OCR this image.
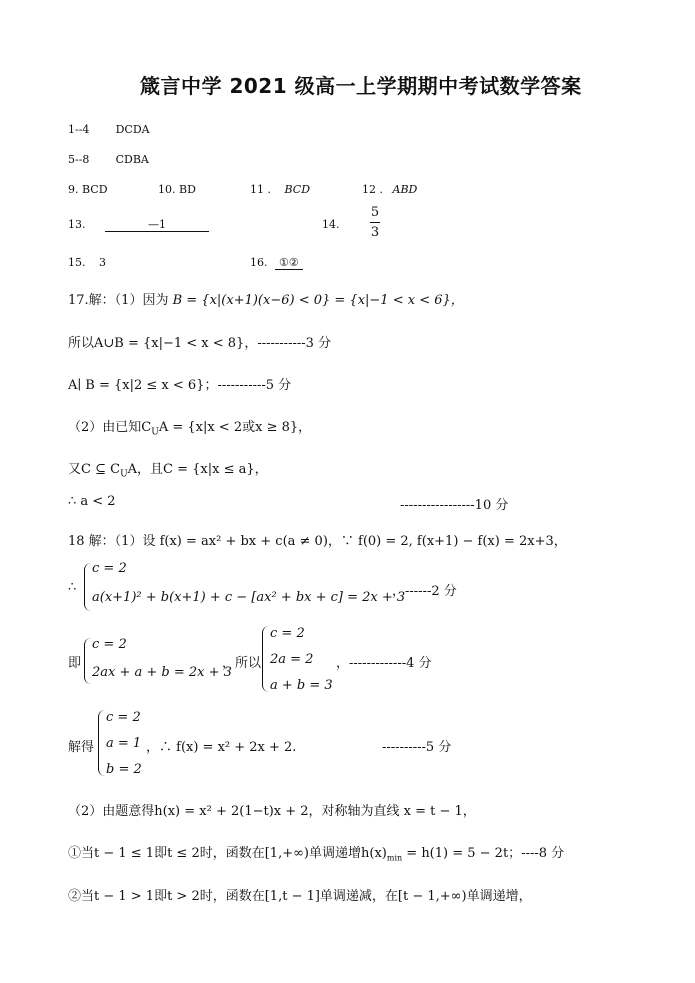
箴言中学 2021 级高一上学期期中考试数学答案
1--4 DCDA
5--8 CDBA
9. BCD	10. BD	11 . BCD	12 . ABD
13.	—1	14. $\frac{5}{3}$
15. 3	16. ①②
17.解：（1）因为 B = {x|(x+1)(x−6) < 0} = {x|−1 < x < 6}，
所以A∪B = {x|−1 < x < 8}，-----------3 分
A∣ B = {x|2 ≤ x < 6}；-----------5 分
（2）由已知$C_UA = \{x|x < 2$或x ≥ 8}，
又C ⊆ $C_UA$，且C = {x|x ≤ a}，
∴ a < 2	-----------------10 分
18 解：（1）设 f(x) = ax² + bx + c(a ≠ 0)，∵ f(0) = 2, f(x+1) − f(x) = 2x+3，
∴
c = 2
a(x+1)² + b(x+1) + c − [ax² + bx + c] = 2x + 3
，------2 分
即
c = 2
2ax + a + b = 2x + 3
，所以
c = 2
2a = 2
a + b = 3
，-------------4 分
解得
c = 2
a = 1
b = 2
，∴ f(x) = x² + 2x + 2.	----------5 分
（2）由题意得h(x) = x² + 2(1−t)x + 2，对称轴为直线 x = t − 1，
①当t − 1 ≤ 1即t ≤ 2时，函数在[1,+∞)单调递增$h(x)_{min} = h(1) = 5 - 2t$；----8 分
②当t − 1 > 1即t > 2时，函数在[1,t − 1]单调递减，在[t − 1,+∞)单调递增，
